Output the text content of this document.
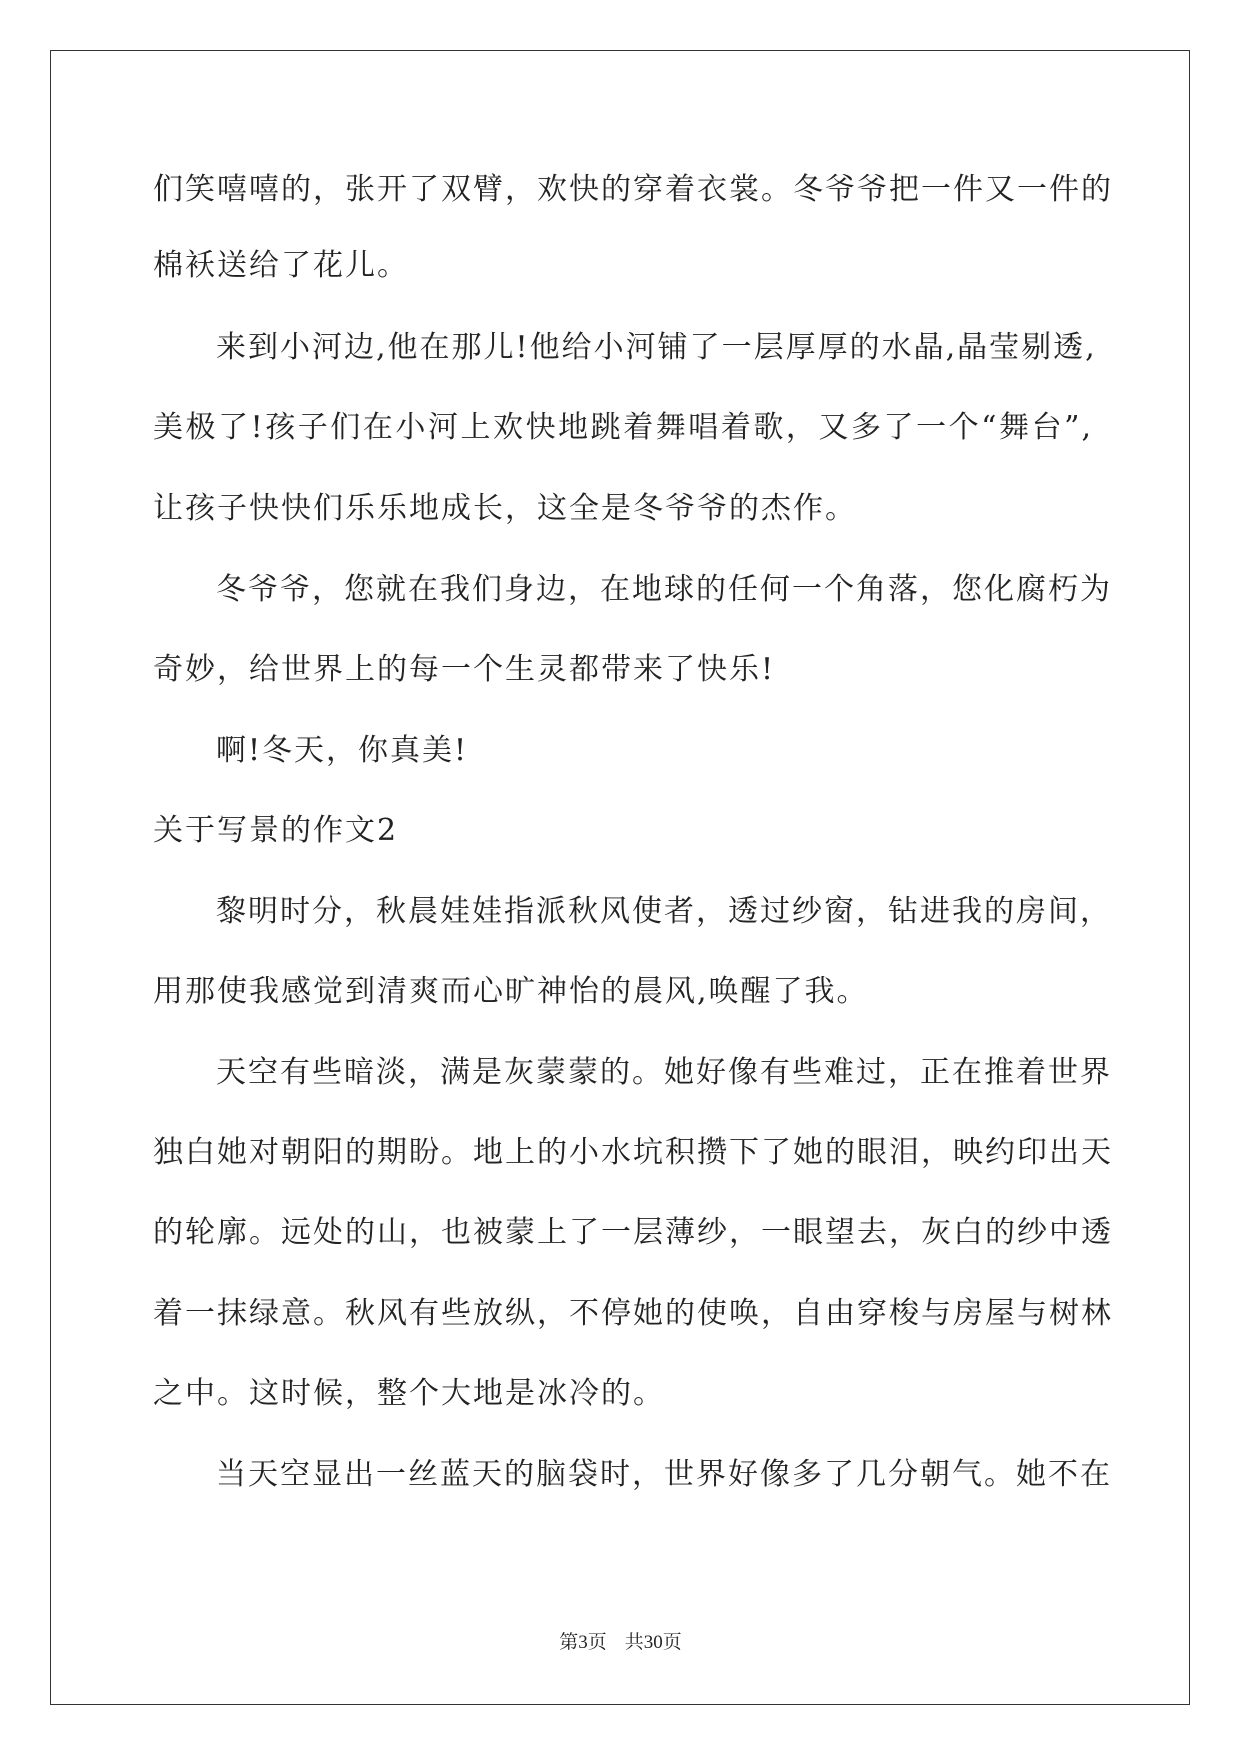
们笑嘻嘻的，张开了双臂，欢快的穿着衣裳。冬爷爷把一件又一件的
棉袄送给了花儿。
来到小河边,他在那儿!他给小河铺了一层厚厚的水晶,晶莹剔透,
美极了!孩子们在小河上欢快地跳着舞唱着歌，又多了一个“舞台”,
让孩子快快们乐乐地成长，这全是冬爷爷的杰作。
冬爷爷，您就在我们身边，在地球的任何一个角落，您化腐朽为
奇妙，给世界上的每一个生灵都带来了快乐!
啊!冬天，你真美!
关于写景的作文2
黎明时分，秋晨娃娃指派秋风使者，透过纱窗，钻进我的房间，
用那使我感觉到清爽而心旷神怡的晨风,唤醒了我。
天空有些暗淡，满是灰蒙蒙的。她好像有些难过，正在推着世界
独白她对朝阳的期盼。地上的小水坑积攒下了她的眼泪，映约印出天
的轮廓。远处的山，也被蒙上了一层薄纱，一眼望去，灰白的纱中透
着一抹绿意。秋风有些放纵，不停她的使唤，自由穿梭与房屋与树林
之中。这时候，整个大地是冰冷的。
当天空显出一丝蓝天的脑袋时，世界好像多了几分朝气。她不在
第3页 共30页
